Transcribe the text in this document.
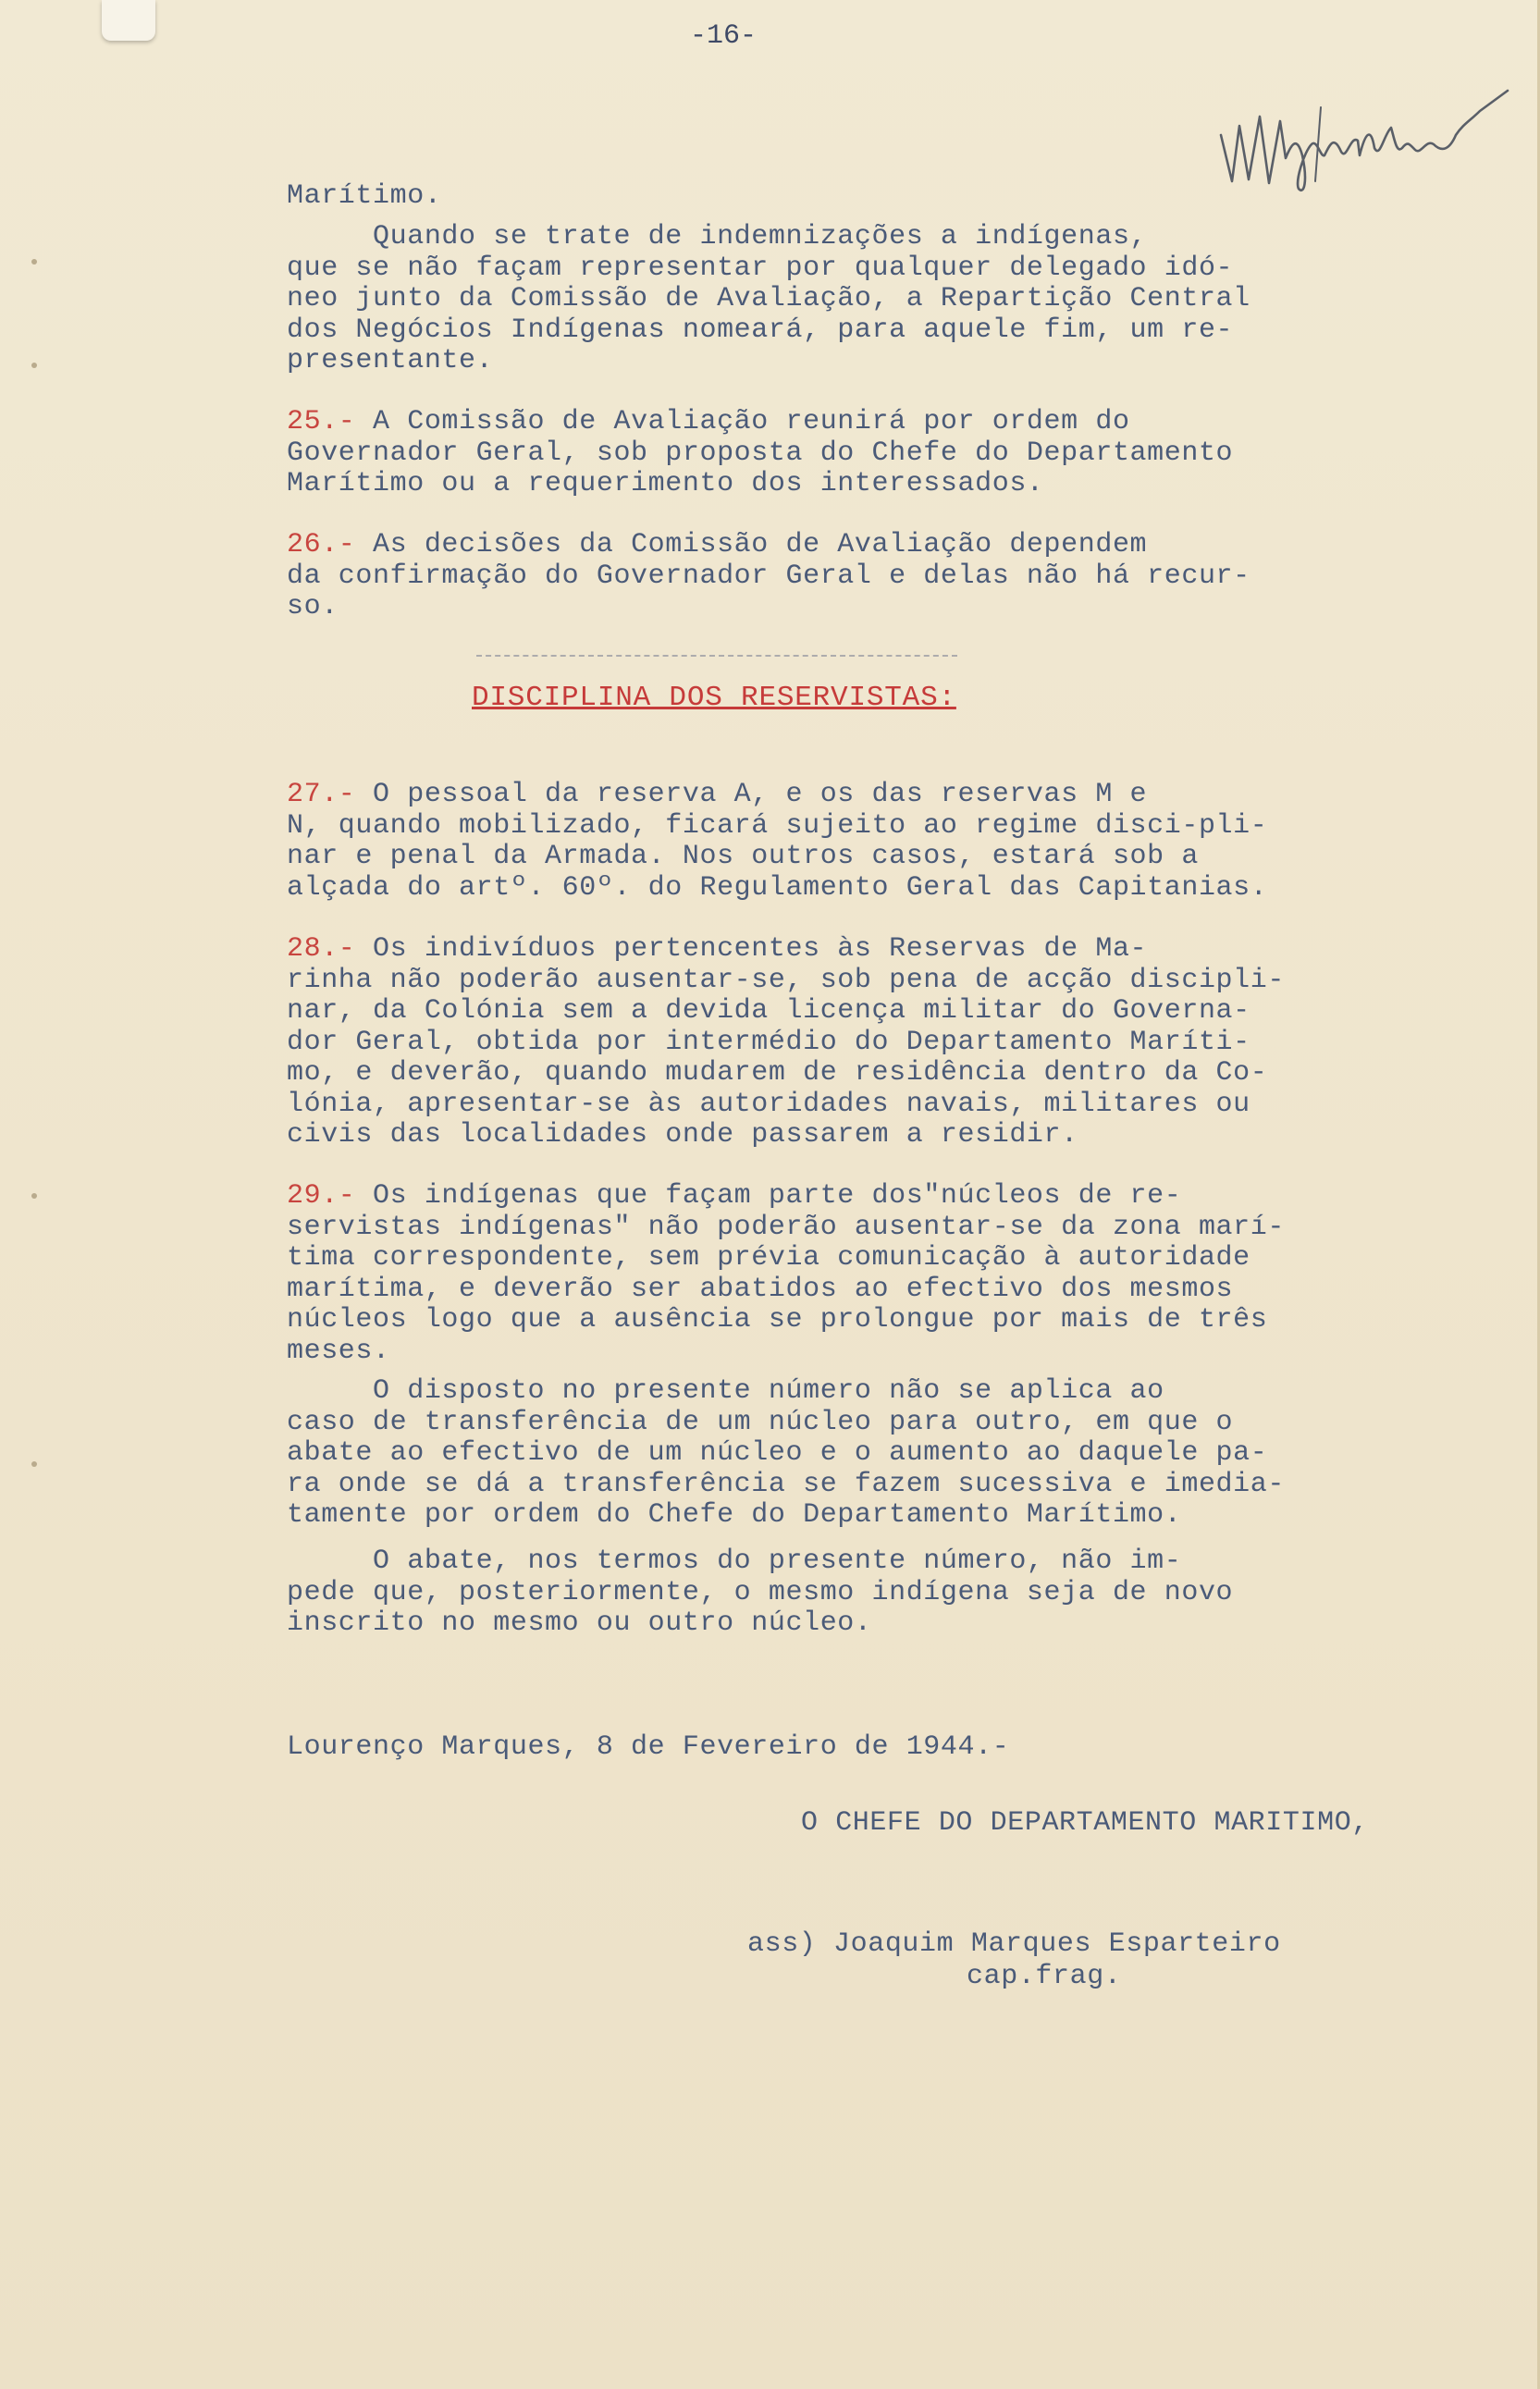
-16-
Marítimo.
Quando se trate de indemnizações a indígenas,
que se não façam representar por qualquer delegado idó-
neo junto da Comissão de Avaliação, a Repartição Central
dos Negócios Indígenas nomeará, para aquele fim, um re-
presentante.
25.- A Comissão de Avaliação reunirá por ordem do
Governador Geral, sob proposta do Chefe do Departamento
Marítimo ou a requerimento dos interessados.
26.- As decisões da Comissão de Avaliação dependem
da confirmação do Governador Geral e delas não há recur-
so.
DISCIPLINA DOS RESERVISTAS:
27.- O pessoal da reserva A, e os das reservas M e
N, quando mobilizado, ficará sujeito ao regime disci‐pli-
nar e penal da Armada. Nos outros casos, estará sob a
alçada do artº. 60º. do Regulamento Geral das Capitanias.
28.- Os indivíduos pertencentes às Reservas de Ma-
rinha não poderão ausentar-se, sob pena de acção discipli-
nar, da Colónia sem a devida licença militar do Governa-
dor Geral, obtida por intermédio do Departamento Maríti-
mo, e deverão, quando mudarem de residência dentro da Co-
lónia, apresentar-se às autoridades navais, militares ou
civis das localidades onde passarem a residir.
29.- Os indígenas que façam parte dos"núcleos de re-
servistas indígenas" não poderão ausentar-se da zona marí-
tima correspondente, sem prévia comunicação à autoridade
marítima, e deverão ser abatidos ao efectivo dos mesmos
núcleos logo que a ausência se prolongue por mais de três
meses.
O disposto no presente número não se aplica ao
caso de transferência de um núcleo para outro, em que o
abate ao efectivo de um núcleo e o aumento ao daquele pa-
ra onde se dá a transferência se fazem sucessiva e imedia-
tamente por ordem do Chefe do Departamento Marítimo.
O abate, nos termos do presente número, não im-
pede que, posteriormente, o mesmo indígena seja de novo
inscrito no mesmo ou outro núcleo.
Lourenço Marques, 8 de Fevereiro de 1944.-
O CHEFE DO DEPARTAMENTO MARITIMO,
ass) Joaquim Marques Esparteiro
cap.frag.
